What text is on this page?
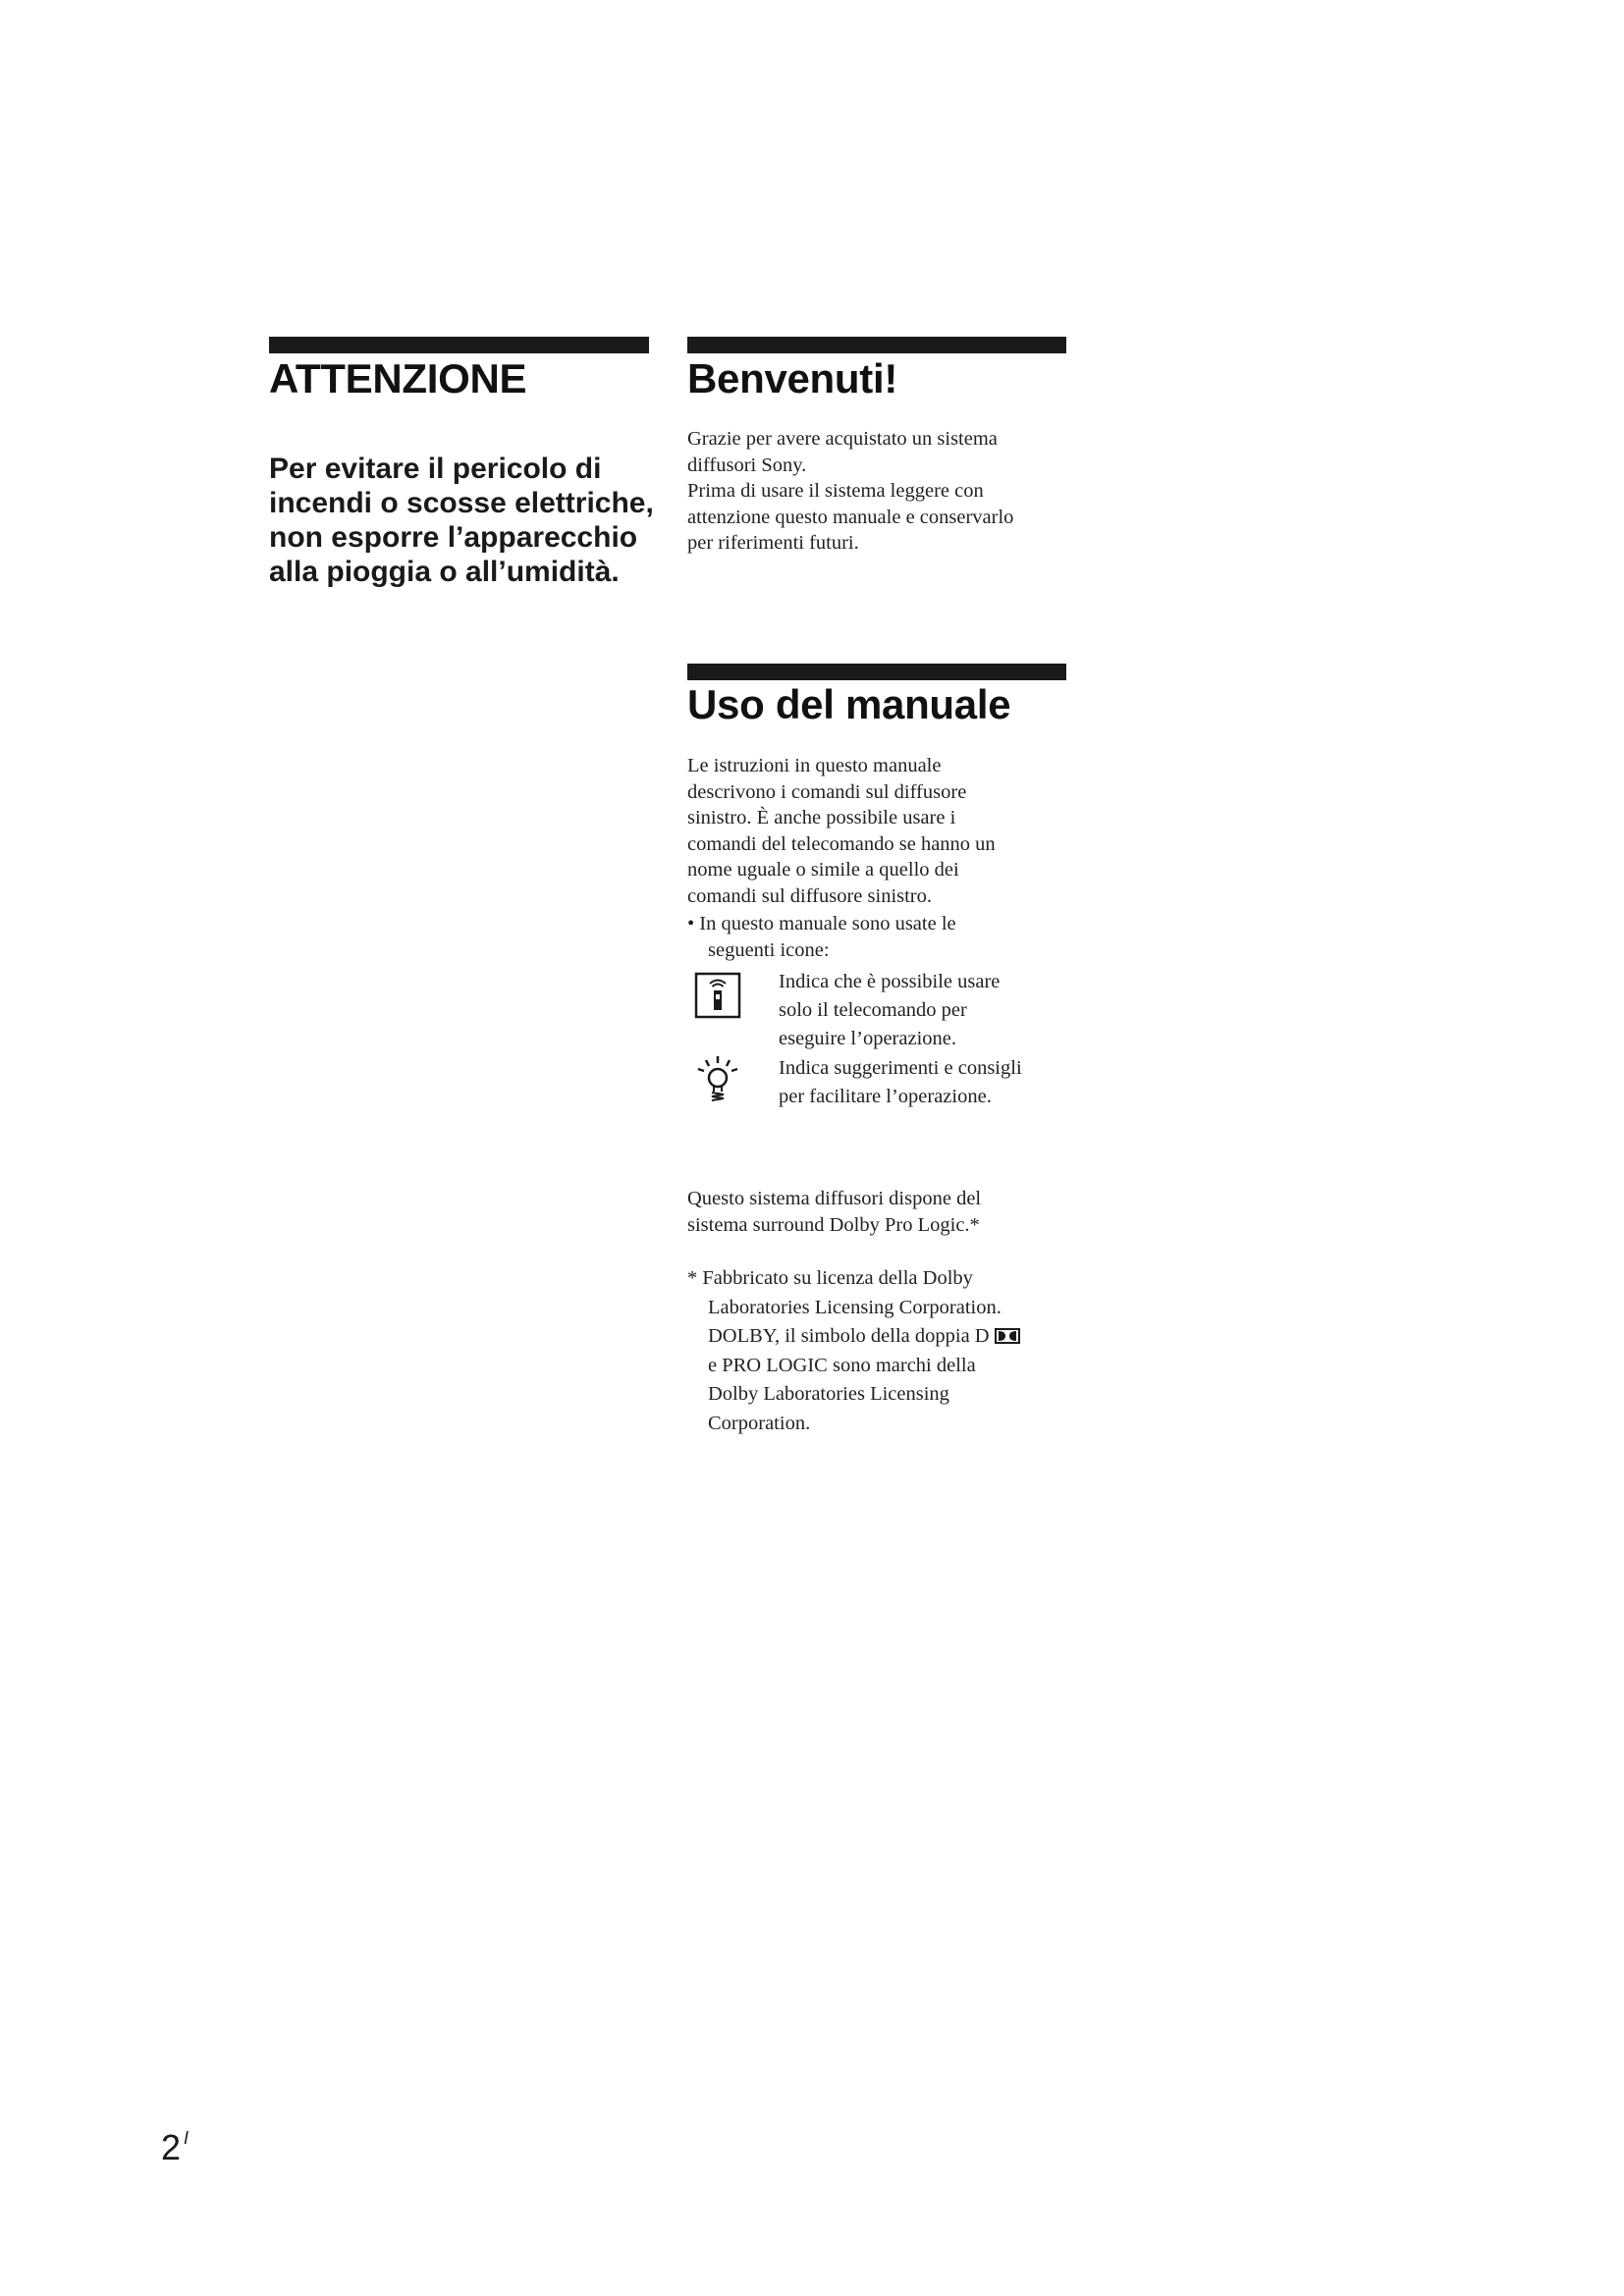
ATTENZIONE

Per evitare il pericolo di
incendi o scosse elettriche,
non esporre l’apparecchio
alla pioggia o all’umidità.

Benvenuti!

Grazie per avere acquistato un sistema
diffusori Sony.
Prima di usare il sistema leggere con
attenzione questo manuale e conservarlo
per riferimenti futuri.

Uso del manuale

Le istruzioni in questo manuale
descrivono i comandi sul diffusore
sinistro. È anche possibile usare i
comandi del telecomando se hanno un
nome uguale o simile a quello dei
comandi sul diffusore sinistro.
• In questo manuale sono usate le
seguenti icone:

Indica che è possibile usare
solo il telecomando per
eseguire l’operazione.
Indica suggerimenti e consigli
per facilitare l’operazione.

Questo sistema diffusori dispone del
sistema surround Dolby Pro Logic.*

* Fabbricato su licenza della Dolby
Laboratories Licensing Corporation.
DOLBY, il simbolo della doppia D
e PRO LOGIC sono marchi della
Dolby Laboratories Licensing
Corporation.
2 $^I$
